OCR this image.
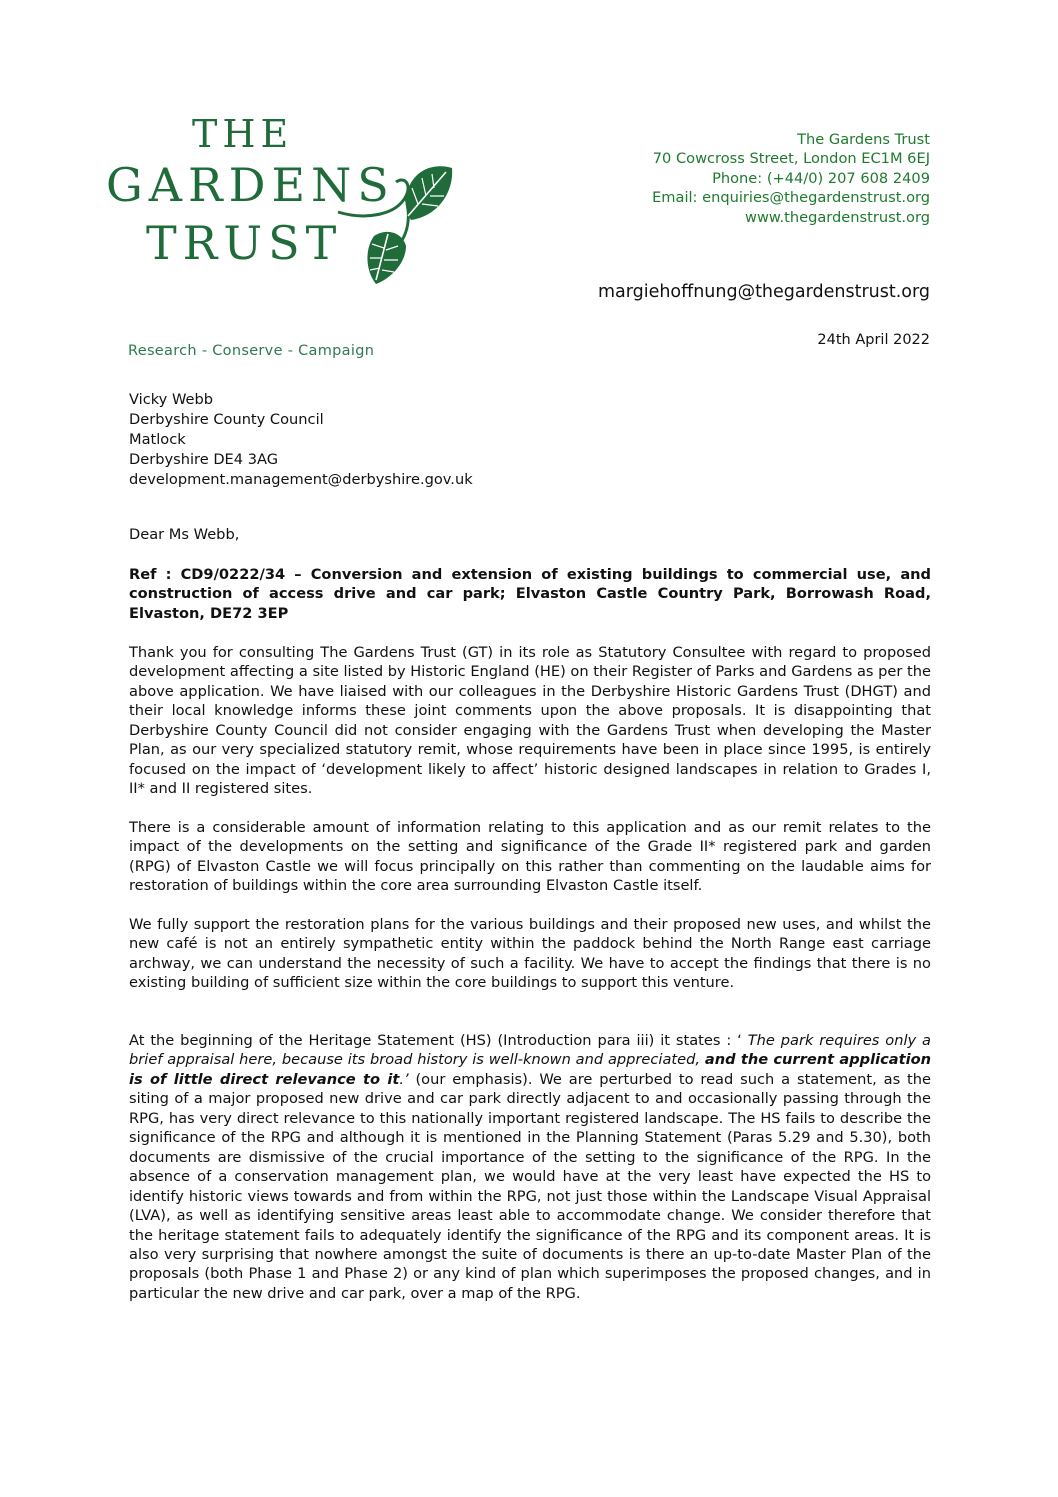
THE
GARDENS
TRUST
The Gardens Trust
70 Cowcross Street, London EC1M 6EJ
Phone: (+44/0) 207 608 2409
Email: enquiries@thegardenstrust.org
www.thegardenstrust.org
margiehoffnung@thegardenstrust.org
Research - Conserve - Campaign
24th April 2022
Vicky Webb
Derbyshire County Council
Matlock
Derbyshire DE4 3AG
development.management@derbyshire.gov.uk
Dear Ms Webb,
Ref : CD9/0222/34 – Conversion and extension of existing buildings to commercial use, and construction of access drive and car park; Elvaston Castle Country Park, Borrowash Road, Elvaston, DE72 3EP
Thank you for consulting The Gardens Trust (GT) in its role as Statutory Consultee with regard to proposed development affecting a site listed by Historic England (HE) on their Register of Parks and Gardens as per the above application. We have liaised with our colleagues in the Derbyshire Historic Gardens Trust (DHGT) and their local knowledge informs these joint comments upon the above proposals. It is disappointing that Derbyshire County Council did not consider engaging with the Gardens Trust when developing the Master Plan, as our very specialized statutory remit, whose requirements have been in place since 1995, is entirely focused on the impact of ‘development likely to affect’ historic designed landscapes in relation to Grades I, II* and II registered sites.
There is a considerable amount of information relating to this application and as our remit relates to the impact of the developments on the setting and significance of the Grade II* registered park and garden (RPG) of Elvaston Castle we will focus principally on this rather than commenting on the laudable aims for restoration of buildings within the core area surrounding Elvaston Castle itself.
We fully support the restoration plans for the various buildings and their proposed new uses, and whilst the new café is not an entirely sympathetic entity within the paddock behind the North Range east carriage archway, we can understand the necessity of such a facility. We have to accept the findings that there is no existing building of sufficient size within the core buildings to support this venture.
At the beginning of the Heritage Statement (HS) (Introduction para iii) it states : ‘ The park requires only a brief appraisal here, because its broad history is well-known and appreciated, and the current application is of little direct relevance to it.’ (our emphasis). We are perturbed to read such a statement, as the siting of a major proposed new drive and car park directly adjacent to and occasionally passing through the RPG, has very direct relevance to this nationally important registered landscape. The HS fails to describe the significance of the RPG and although it is mentioned in the Planning Statement (Paras 5.29 and 5.30), both documents are dismissive of the crucial importance of the setting to the significance of the RPG. In the absence of a conservation management plan, we would have at the very least have expected the HS to identify historic views towards and from within the RPG, not just those within the Landscape Visual Appraisal (LVA), as well as identifying sensitive areas least able to accommodate change. We consider therefore that the heritage statement fails to adequately identify the significance of the RPG and its component areas. It is also very surprising that nowhere amongst the suite of documents is there an up-to-date Master Plan of the proposals (both Phase 1 and Phase 2) or any kind of plan which superimposes the proposed changes, and in particular the new drive and car park, over a map of the RPG.
